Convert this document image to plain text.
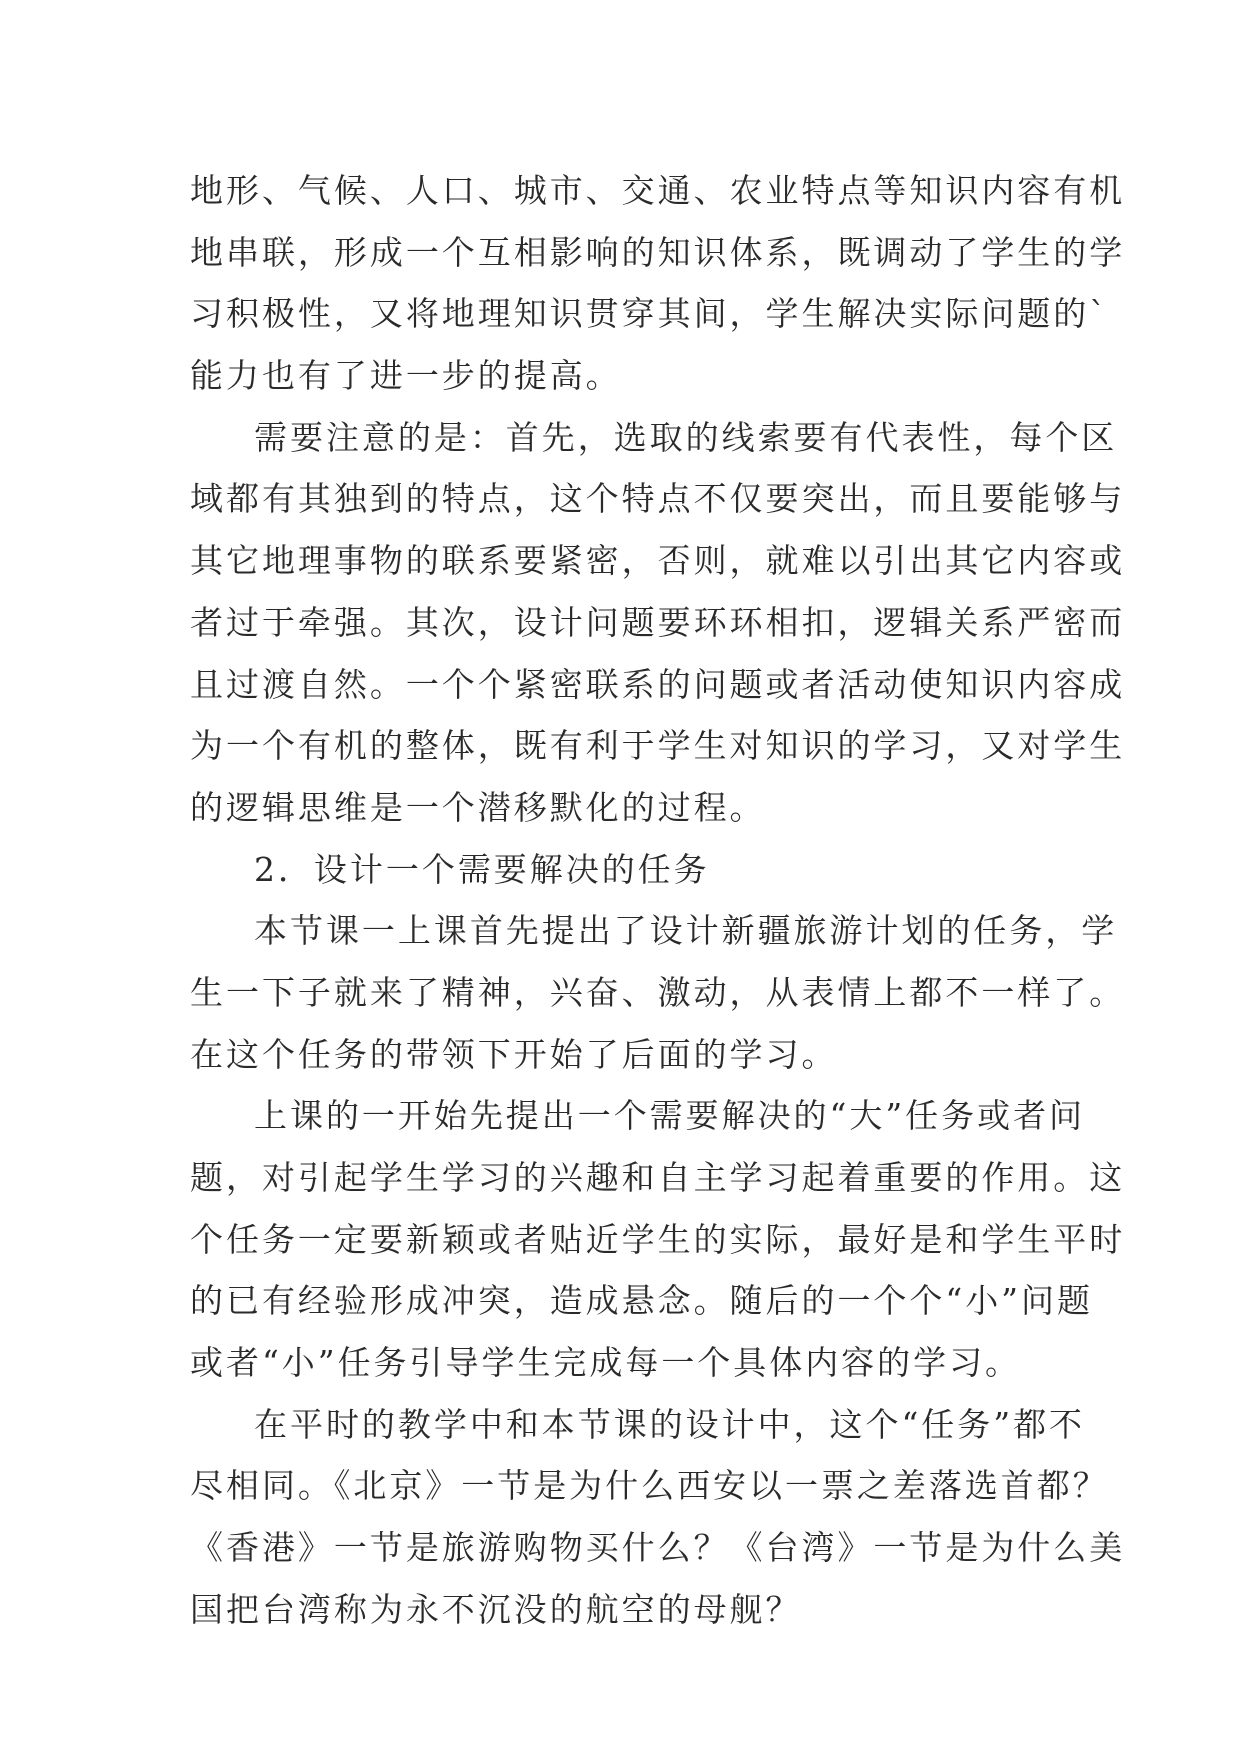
地形、气候、人口、城市、交通、农业特点等知识内容有机
地串联，形成一个互相影响的知识体系，既调动了学生的学
习积极性，又将地理知识贯穿其间，学生解决实际问题的`
能力也有了进一步的提高。
需要注意的是：首先，选取的线索要有代表性，每个区
域都有其独到的特点，这个特点不仅要突出，而且要能够与
其它地理事物的联系要紧密，否则，就难以引出其它内容或
者过于牵强。其次，设计问题要环环相扣，逻辑关系严密而
且过渡自然。一个个紧密联系的问题或者活动使知识内容成
为一个有机的整体，既有利于学生对知识的学习，又对学生
的逻辑思维是一个潜移默化的过程。
2．设计一个需要解决的任务
本节课一上课首先提出了设计新疆旅游计划的任务，学
生一下子就来了精神，兴奋、激动，从表情上都不一样了。
在这个任务的带领下开始了后面的学习。
上课的一开始先提出一个需要解决的“大”任务或者问
题，对引起学生学习的兴趣和自主学习起着重要的作用。这
个任务一定要新颖或者贴近学生的实际，最好是和学生平时
的已有经验形成冲突，造成悬念。随后的一个个“小”问题
或者“小”任务引导学生完成每一个具体内容的学习。
在平时的教学中和本节课的设计中，这个“任务”都不
尽相同。《北京》一节是为什么西安以一票之差落选首都？
《香港》一节是旅游购物买什么？《台湾》一节是为什么美
国把台湾称为永不沉没的航空的母舰？
